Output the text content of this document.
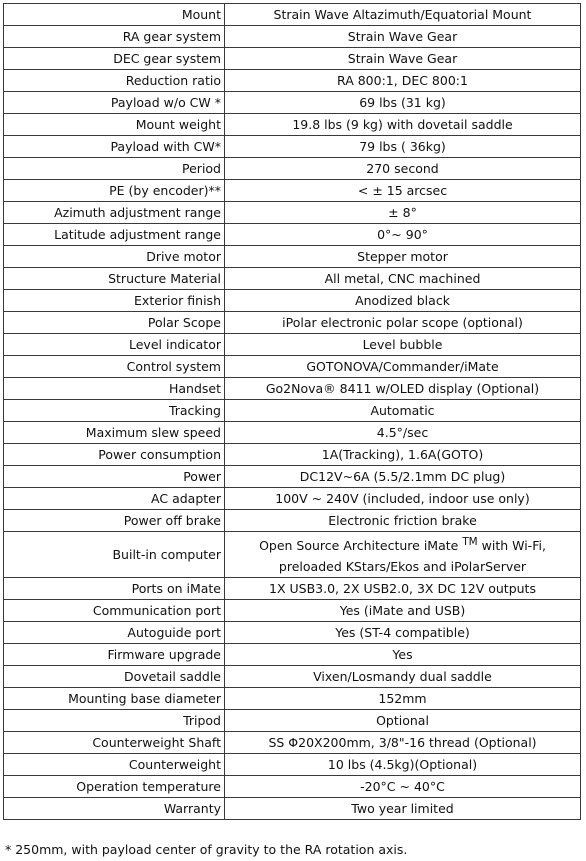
Mount	Strain Wave Altazimuth/Equatorial Mount
RA gear system	Strain Wave Gear
DEC gear system	Strain Wave Gear
Reduction ratio	RA 800:1, DEC 800:1
Payload w/o CW *	69 lbs (31 kg)
Mount weight	19.8 lbs (9 kg) with dovetail saddle
Payload with CW*	79 lbs ( 36kg)
Period	270 second
PE (by encoder)**	< ± 15 arcsec
Azimuth adjustment range	± 8°
Latitude adjustment range	0°~ 90°
Drive motor	Stepper motor
Structure Material	All metal, CNC machined
Exterior finish	Anodized black
Polar Scope	iPolar electronic polar scope (optional)
Level indicator	Level bubble
Control system	GOTONOVA/Commander/iMate
Handset	Go2Nova® 8411 w/OLED display (Optional)
Tracking	Automatic
Maximum slew speed	4.5°/sec
Power consumption	1A(Tracking), 1.6A(GOTO)
Power	DC12V~6A (5.5/2.1mm DC plug)
AC adapter	100V ~ 240V (included, indoor use only)
Power off brake	Electronic friction brake
Built-in computer	Open Source Architecture iMate ™ with Wi-Fi,
preloaded KStars/Ekos and iPolarServer
Ports on iMate	1X USB3.0, 2X USB2.0, 3X DC 12V outputs
Communication port	Yes (iMate and USB)
Autoguide port	Yes (ST-4 compatible)
Firmware upgrade	Yes
Dovetail saddle	Vixen/Losmandy dual saddle
Mounting base diameter	152mm
Tripod	Optional
Counterweight Shaft	SS Φ20X200mm, 3/8"-16 thread (Optional)
Counterweight	10 lbs (4.5kg)(Optional)
Operation temperature	-20°C ~ 40°C
Warranty	Two year limited
* 250mm, with payload center of gravity to the RA rotation axis.
